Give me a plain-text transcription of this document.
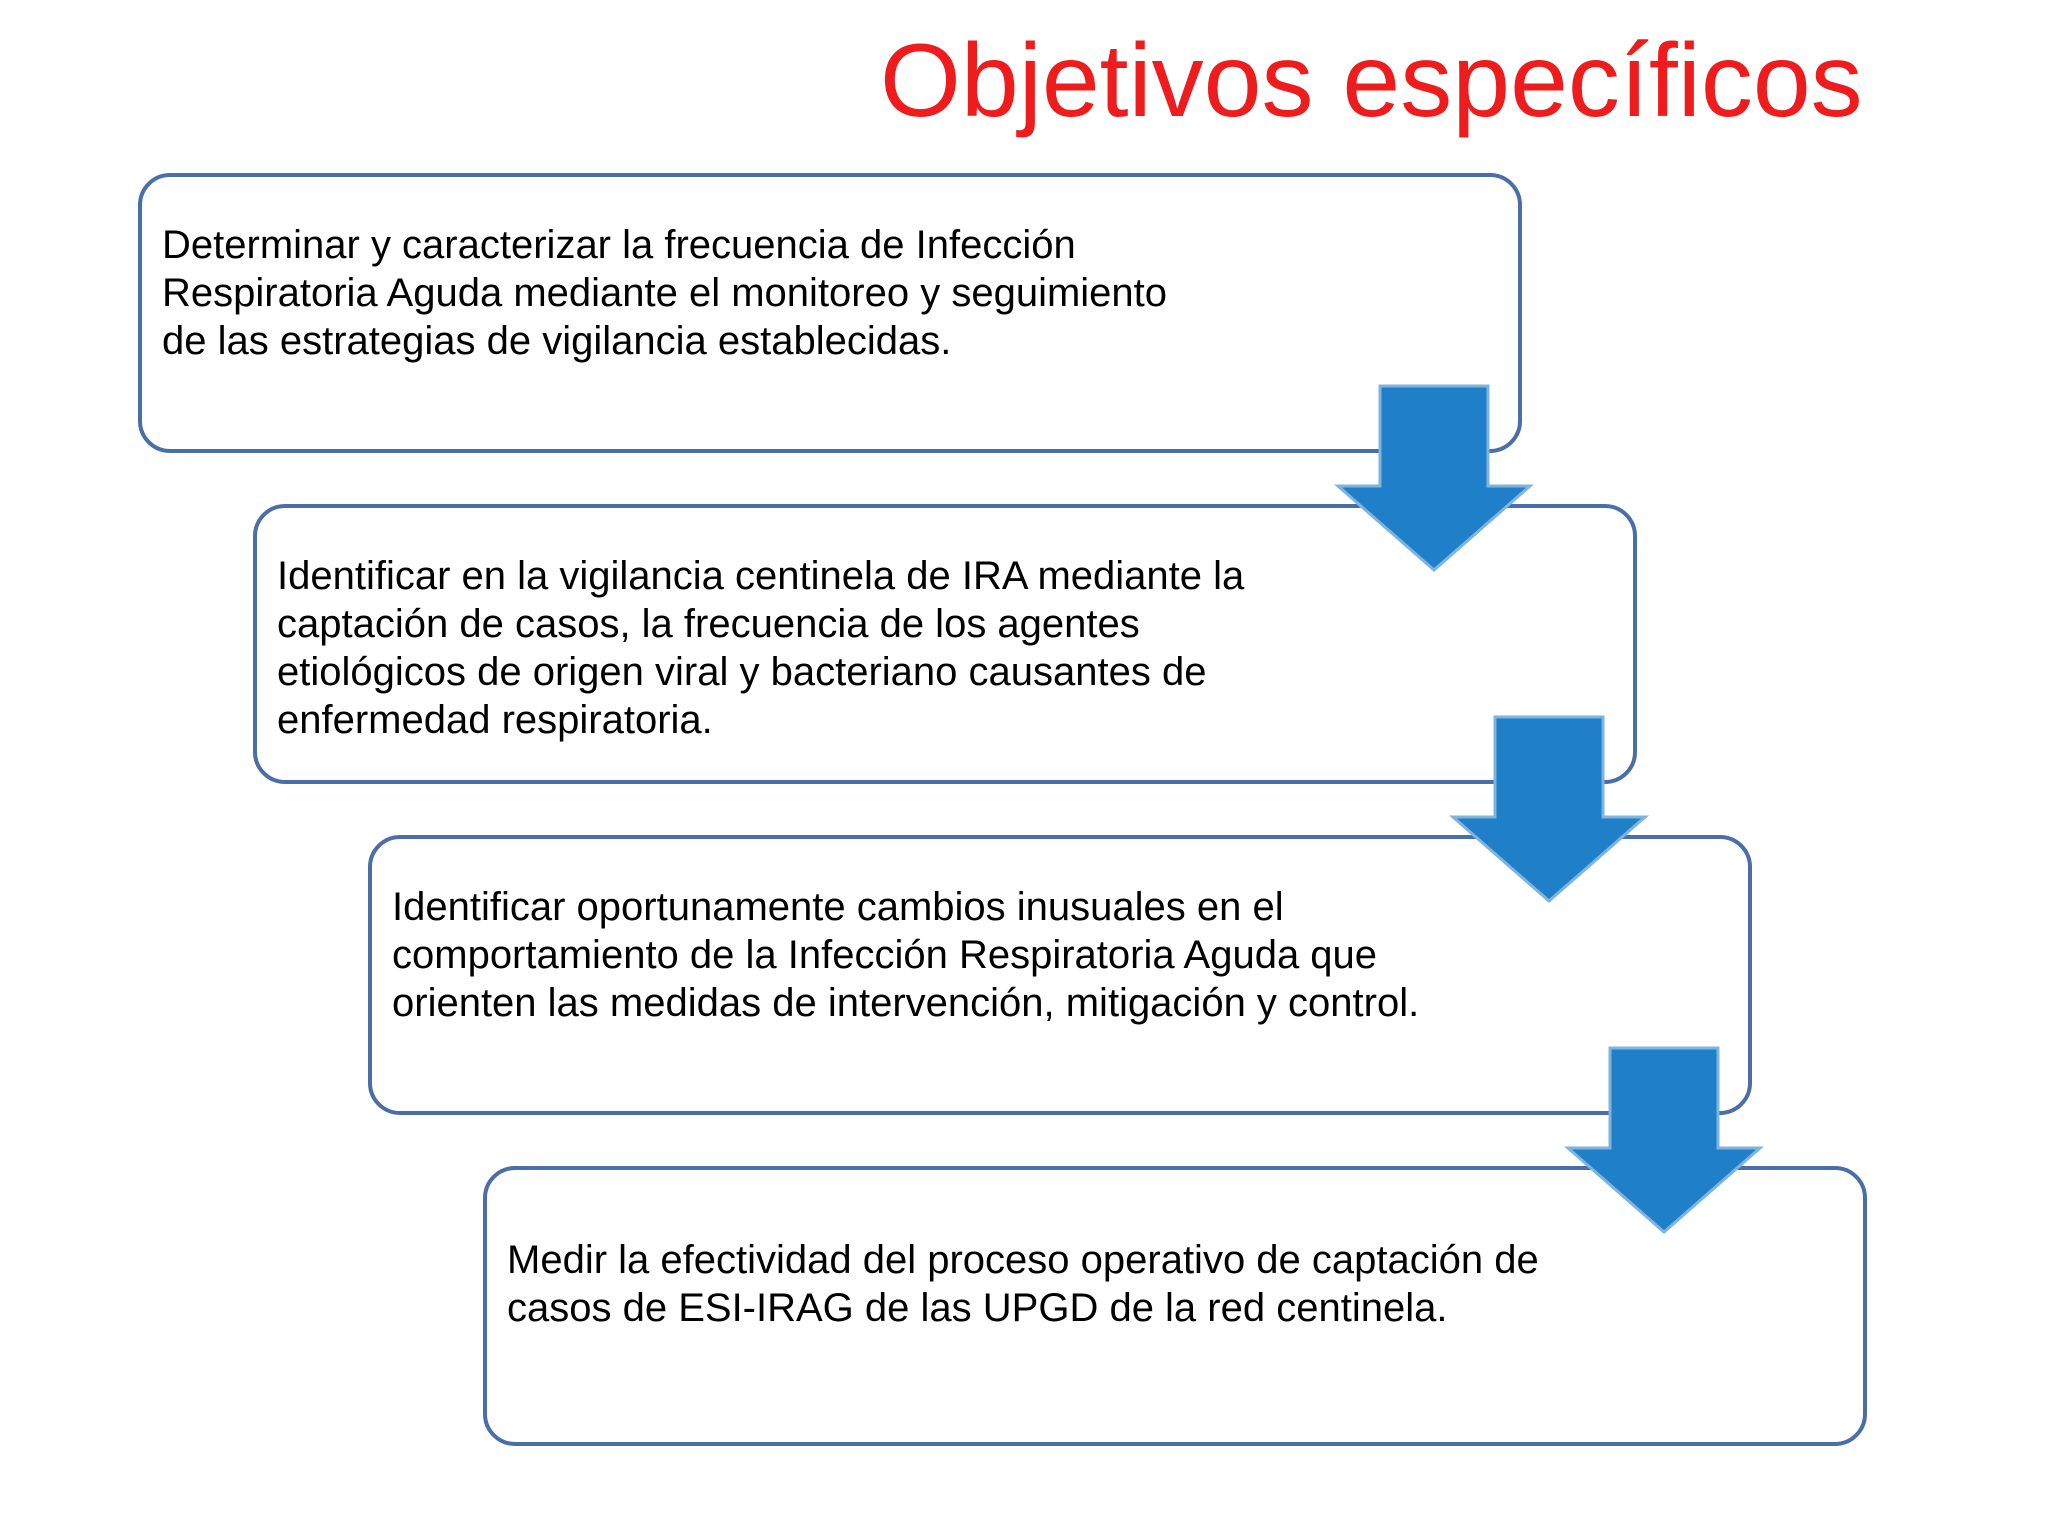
Objetivos específicos

Determinar y caracterizar la frecuencia de Infección Respiratoria Aguda mediante el monitoreo y seguimiento de las estrategias de vigilancia establecidas.

Identificar en la vigilancia centinela de IRA mediante la captación de casos, la frecuencia de los agentes etiológicos de origen viral y bacteriano causantes de enfermedad respiratoria.

Identificar oportunamente cambios inusuales en el comportamiento de la Infección Respiratoria Aguda que orienten las medidas de intervención, mitigación y control.

Medir la efectividad del proceso operativo de captación de casos de ESI-IRAG de las UPGD de la red centinela.
